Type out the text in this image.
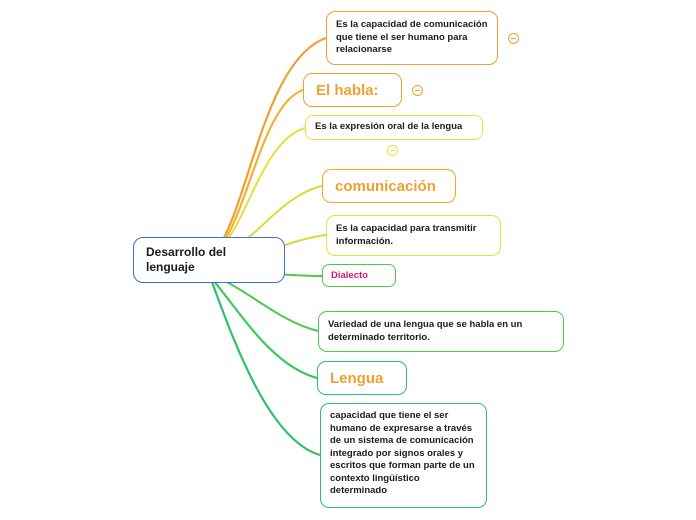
Desarrollo del lenguaje
Es la capacidad de comunicación que tiene el ser humano para relacionarse
El habla:
Es la expresión oral de la lengua
comunicación
Es la capacidad para transmitir información.
Dialecto
Variedad de una lengua que se habla en un determinado territorio.
Lengua
capacidad que tiene el ser humano de expresarse a través de un sistema de comunicación integrado por signos orales y escritos que forman parte de un contexto lingüístico determinado
